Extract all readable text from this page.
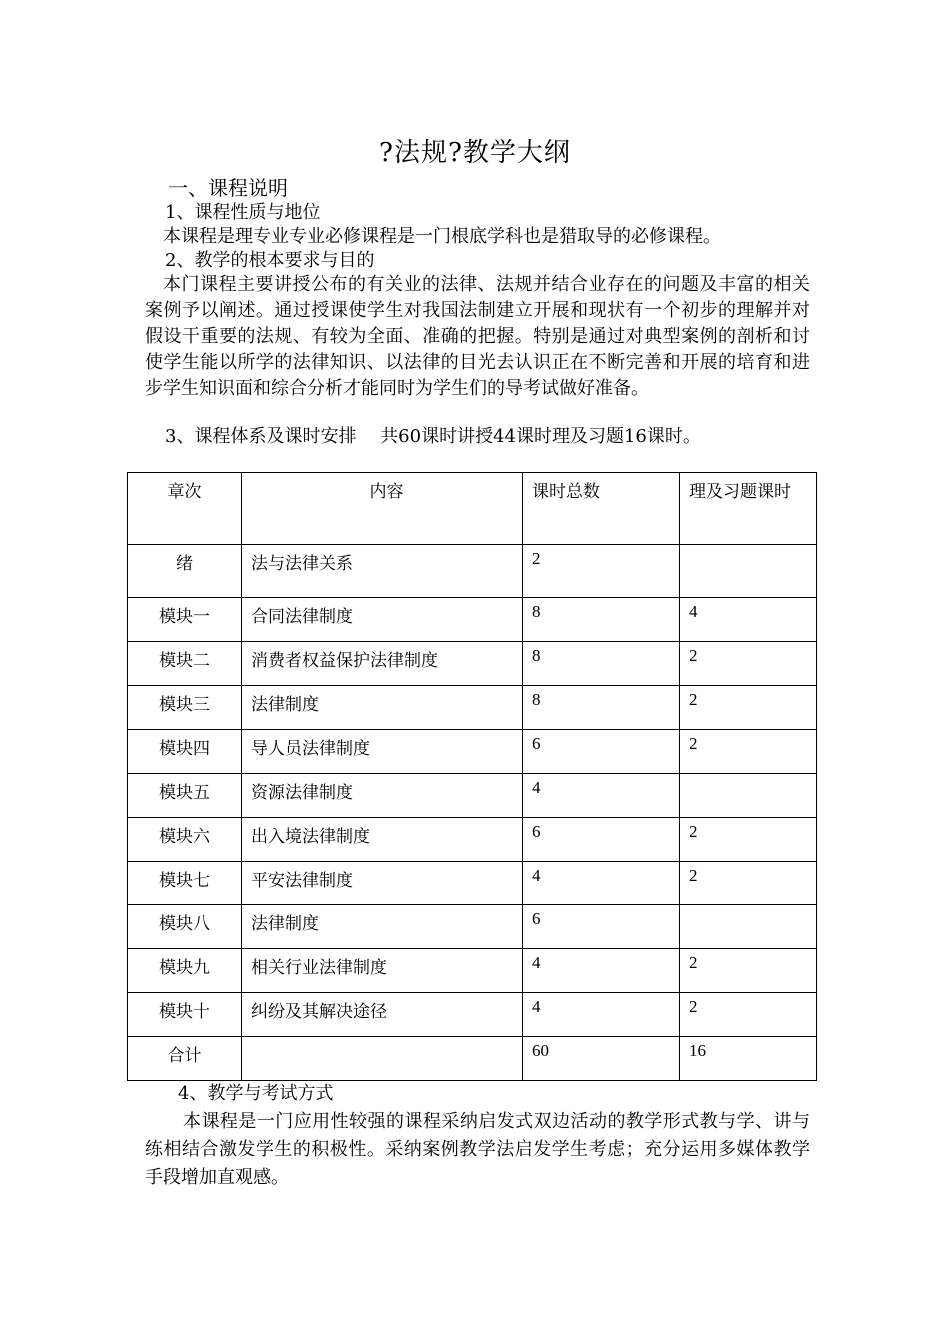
?法规?教学大纲
一、课程说明
1、课程性质与地位
本课程是理专业专业必修课程是一门根底学科也是猎取导的必修课程。
2、教学的根本要求与目的
本门课程主要讲授公布的有关业的法律、法规并结合业存在的问题及丰富的相关案例予以阐述。通过授课使学生对我国法制建立开展和现状有一个初步的理解并对假设干重要的法规、有较为全面、准确的把握。特别是通过对典型案例的剖析和讨使学生能以所学的法律知识、以法律的目光去认识正在不断完善和开展的培育和进步学生知识面和综合分析才能同时为学生们的导考试做好准备。
3、课程体系及课时安排　 共60课时讲授44课时理及习题16课时。
章次	内容	课时总数	理及习题课时
绪	法与法律关系	2	
模块一	合同法律制度	8	4
模块二	消费者权益保护法律制度	8	2
模块三	法律制度	8	2
模块四	导人员法律制度	6	2
模块五	资源法律制度	4	
模块六	出入境法律制度	6	2
模块七	平安法律制度	4	2
模块八	法律制度	6	
模块九	相关行业法律制度	4	2
模块十	纠纷及其解决途径	4	2
合计		60	16
4、教学与考试方式
本课程是一门应用性较强的课程采纳启发式双边活动的教学形式教与学、讲与练相结合激发学生的积极性。采纳案例教学法启发学生考虑；充分运用多媒体教学手段增加直观感。
